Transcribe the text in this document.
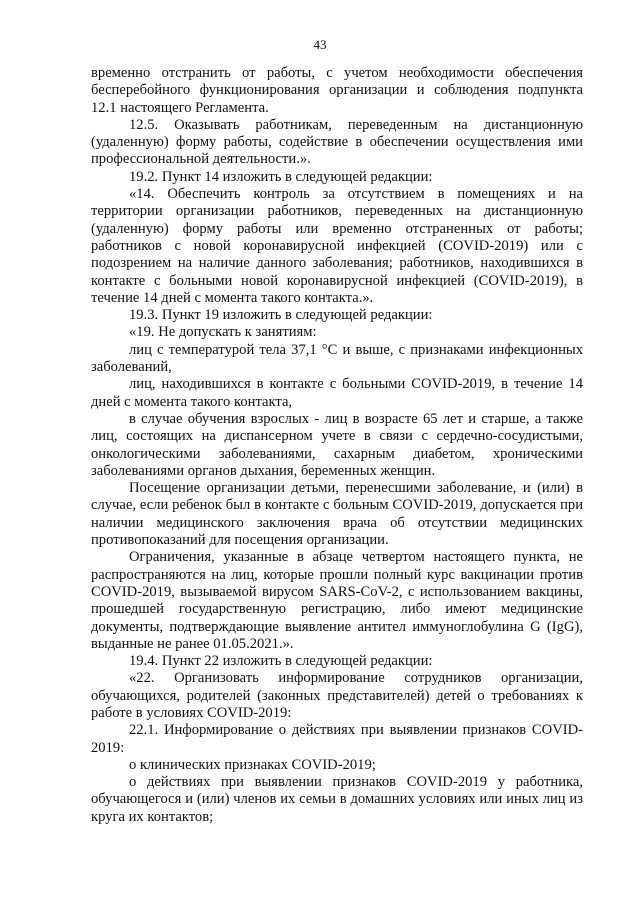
43

временно отстранить от работы, с учетом необходимости обеспечения бесперебойного функционирования организации и соблюдения подпункта 12.1 настоящего Регламента.

12.5. Оказывать работникам, переведенным на дистанционную (удаленную) форму работы, содействие в обеспечении осуществления ими профессиональной деятельности.».

19.2. Пункт 14 изложить в следующей редакции:

«14. Обеспечить контроль за отсутствием в помещениях и на территории организации работников, переведенных на дистанционную (удаленную) форму работы или временно отстраненных от работы; работников с новой коронавирусной инфекцией (COVID-2019) или с подозрением на наличие данного заболевания; работников, находившихся в контакте с больными новой коронавирусной инфекцией (COVID-2019), в течение 14 дней с момента такого контакта.».

19.3. Пункт 19 изложить в следующей редакции:

«19. Не допускать к занятиям:

лиц с температурой тела 37,1 °C и выше, с признаками инфекционных заболеваний,

лиц, находившихся в контакте с больными COVID-2019, в течение 14 дней с момента такого контакта,

в случае обучения взрослых - лиц в возрасте 65 лет и старше, а также лиц, состоящих на диспансерном учете в связи с сердечно-сосудистыми, онкологическими заболеваниями, сахарным диабетом, хроническими заболеваниями органов дыхания, беременных женщин.

Посещение организации детьми, перенесшими заболевание, и (или) в случае, если ребенок был в контакте с больным COVID-2019, допускается при наличии медицинского заключения врача об отсутствии медицинских противопоказаний для посещения организации.

Ограничения, указанные в абзаце четвертом настоящего пункта, не распространяются на лиц, которые прошли полный курс вакцинации против COVID-2019, вызываемой вирусом SARS-CoV-2, с использованием вакцины, прошедшей государственную регистрацию, либо имеют медицинские документы, подтверждающие выявление антител иммуноглобулина G (IgG), выданные не ранее 01.05.2021.».

19.4. Пункт 22 изложить в следующей редакции:

«22. Организовать информирование сотрудников организации, обучающихся, родителей (законных представителей) детей о требованиях к работе в условиях COVID-2019:

22.1. Информирование о действиях при выявлении признаков COVID-2019:

о клинических признаках COVID-2019;

о действиях при выявлении признаков COVID-2019 у работника, обучающегося и (или) членов их семьи в домашних условиях или иных лиц из круга их контактов;
